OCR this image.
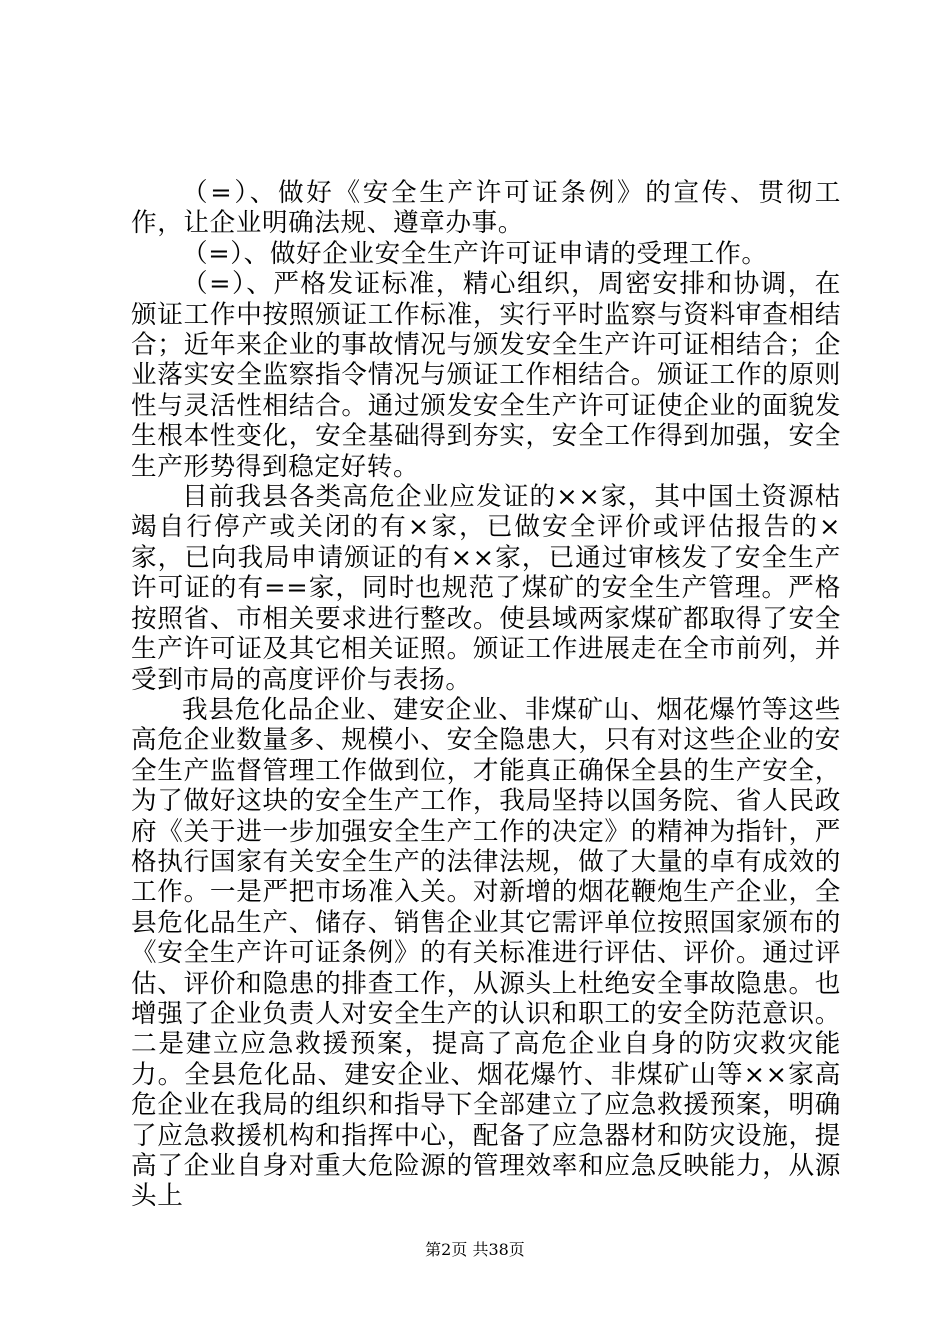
（=）、做好《安全生产许可证条例》的宣传、贯彻工作，让企业明确法规、遵章办事。

（=）、做好企业安全生产许可证申请的受理工作。

（=）、严格发证标准，精心组织，周密安排和协调，在颁证工作中按照颁证工作标准，实行平时监察与资料审查相结合；近年来企业的事故情况与颁发安全生产许可证相结合；企业落实安全监察指令情况与颁证工作相结合。颁证工作的原则性与灵活性相结合。通过颁发安全生产许可证使企业的面貌发生根本性变化，安全基础得到夯实，安全工作得到加强，安全生产形势得到稳定好转。

目前我县各类高危企业应发证的××家，其中国土资源枯竭自行停产或关闭的有×家，已做安全评价或评估报告的×家，已向我局申请颁证的有××家，已通过审核发了安全生产许可证的有==家，同时也规范了煤矿的安全生产管理。严格按照省、市相关要求进行整改。使县域两家煤矿都取得了安全生产许可证及其它相关证照。颁证工作进展走在全市前列，并受到市局的高度评价与表扬。

我县危化品企业、建安企业、非煤矿山、烟花爆竹等这些高危企业数量多、规模小、安全隐患大，只有对这些企业的安全生产监督管理工作做到位，才能真正确保全县的生产安全，为了做好这块的安全生产工作，我局坚持以国务院、省人民政府《关于进一步加强安全生产工作的决定》的精神为指针，严格执行国家有关安全生产的法律法规，做了大量的卓有成效的工作。一是严把市场准入关。对新增的烟花鞭炮生产企业，全县危化品生产、储存、销售企业其它需评单位按照国家颁布的《安全生产许可证条例》的有关标准进行评估、评价。通过评估、评价和隐患的排查工作，从源头上杜绝安全事故隐患。也增强了企业负责人对安全生产的认识和职工的安全防范意识。二是建立应急救援预案，提高了高危企业自身的防灾救灾能力。全县危化品、建安企业、烟花爆竹、非煤矿山等××家高危企业在我局的组织和指导下全部建立了应急救援预案，明确了应急救援机构和指挥中心，配备了应急器材和防灾设施，提高了企业自身对重大危险源的管理效率和应急反映能力，从源头上

第2页 共38页
